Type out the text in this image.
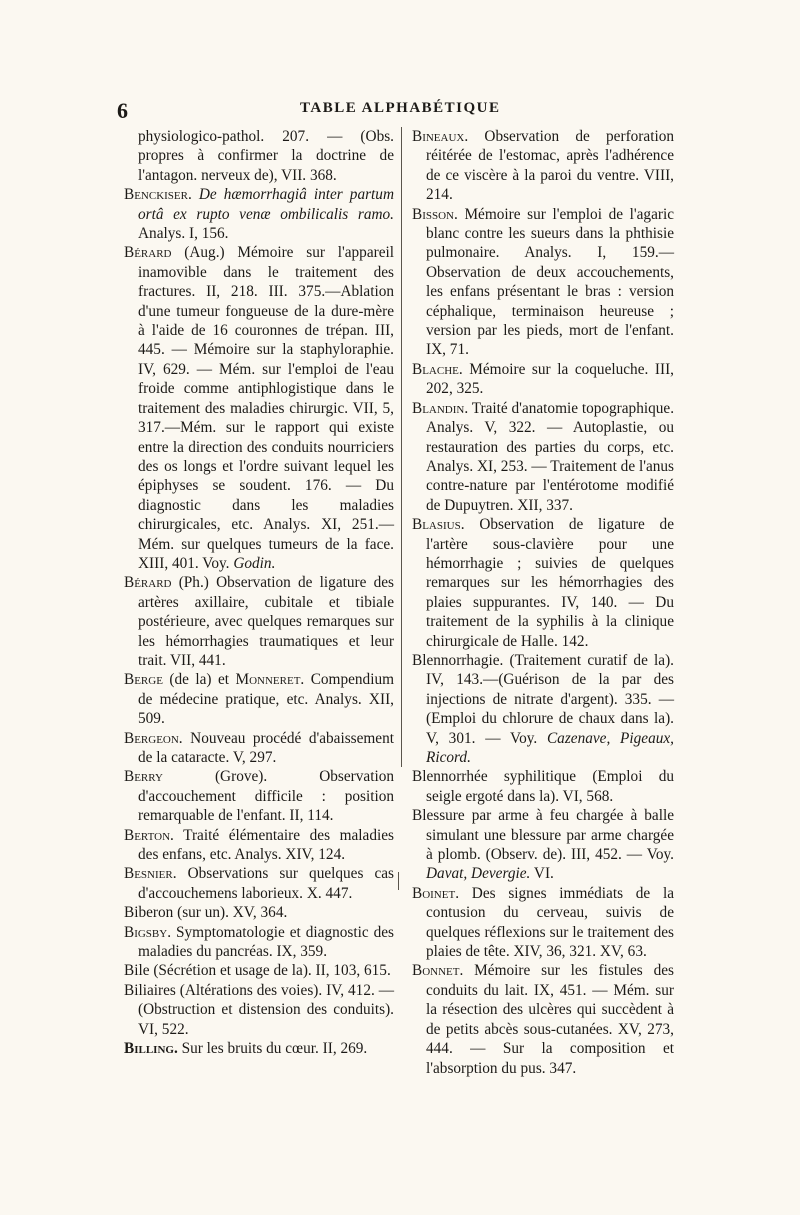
6	TABLE ALPHABÉTIQUE
physiologico-pathol. 207. — (Obs. propres à confirmer la doctrine de l'antagon. nerveux de), VII. 368.
Benckiser. De hæmorrhagiâ inter partum ortâ ex rupto venæ ombilicalis ramo. Analys. I, 156.
Bérard (Aug.) Mémoire sur l'appareil inamovible dans le traitement des fractures. II, 218. III. 375.—Ablation d'une tumeur fongueuse de la dure-mère à l'aide de 16 couronnes de trépan. III, 445. — Mémoire sur la staphyloraphie. IV, 629. — Mém. sur l'emploi de l'eau froide comme antiphlogistique dans le traitement des maladies chirurgic. VII, 5, 317.—Mém. sur le rapport qui existe entre la direction des conduits nourriciers des os longs et l'ordre suivant lequel les épiphyses se soudent. 176. — Du diagnostic dans les maladies chirurgicales, etc. Analys. XI, 251.— Mém. sur quelques tumeurs de la face. XIII, 401. Voy. Godin.
Bérard (Ph.) Observation de ligature des artères axillaire, cubitale et tibiale postérieure, avec quelques remarques sur les hémorrhagies traumatiques et leur trait. VII, 441.
Berge (de la) et Monneret. Compendium de médecine pratique, etc. Analys. XII, 509.
Bergeon. Nouveau procédé d'abaissement de la cataracte. V, 297.
Berry (Grove). Observation d'accouchement difficile : position remarquable de l'enfant. II, 114.
Berton. Traité élémentaire des maladies des enfans, etc. Analys. XIV, 124.
Besnier. Observations sur quelques cas d'accouchemens laborieux. X. 447.
Biberon (sur un). XV, 364.
Bigsby. Symptomatologie et diagnostic des maladies du pancréas. IX, 359.
Bile (Sécrétion et usage de la). II, 103, 615.
Biliaires (Altérations des voies). IV, 412. —(Obstruction et distension des conduits). VI, 522.
Billing. Sur les bruits du cœur. II, 269.
Bineaux. Observation de perforation réitérée de l'estomac, après l'adhérence de ce viscère à la paroi du ventre. VIII, 214.
Bisson. Mémoire sur l'emploi de l'agaric blanc contre les sueurs dans la phthisie pulmonaire. Analys. I, 159.— Observation de deux accouchements, les enfans présentant le bras : version céphalique, terminaison heureuse ; version par les pieds, mort de l'enfant. IX, 71.
Blache. Mémoire sur la coqueluche. III, 202, 325.
Blandin. Traité d'anatomie topographique. Analys. V, 322. — Autoplastie, ou restauration des parties du corps, etc. Analys. XI, 253. — Traitement de l'anus contre-nature par l'entérotome modifié de Dupuytren. XII, 337.
Blasius. Observation de ligature de l'artère sous-clavière pour une hémorrhagie ; suivies de quelques remarques sur les hémorrhagies des plaies suppurantes. IV, 140. — Du traitement de la syphilis à la clinique chirurgicale de Halle. 142.
Blennorrhagie. (Traitement curatif de la). IV, 143.—(Guérison de la par des injections de nitrate d'argent). 335. — (Emploi du chlorure de chaux dans la). V, 301. — Voy. Cazenave, Pigeaux, Ricord.
Blennorrhée syphilitique (Emploi du seigle ergoté dans la). VI, 568.
Blessure par arme à feu chargée à balle simulant une blessure par arme chargée à plomb. (Observ. de). III, 452. — Voy. Davat, Devergie. VI.
Boinet. Des signes immédiats de la contusion du cerveau, suivis de quelques réflexions sur le traitement des plaies de tête. XIV, 36, 321. XV, 63.
Bonnet. Mémoire sur les fistules des conduits du lait. IX, 451. — Mém. sur la résection des ulcères qui succèdent à de petits abcès sous-cutanées. XV, 273, 444. — Sur la composition et l'absorption du pus. 347.
